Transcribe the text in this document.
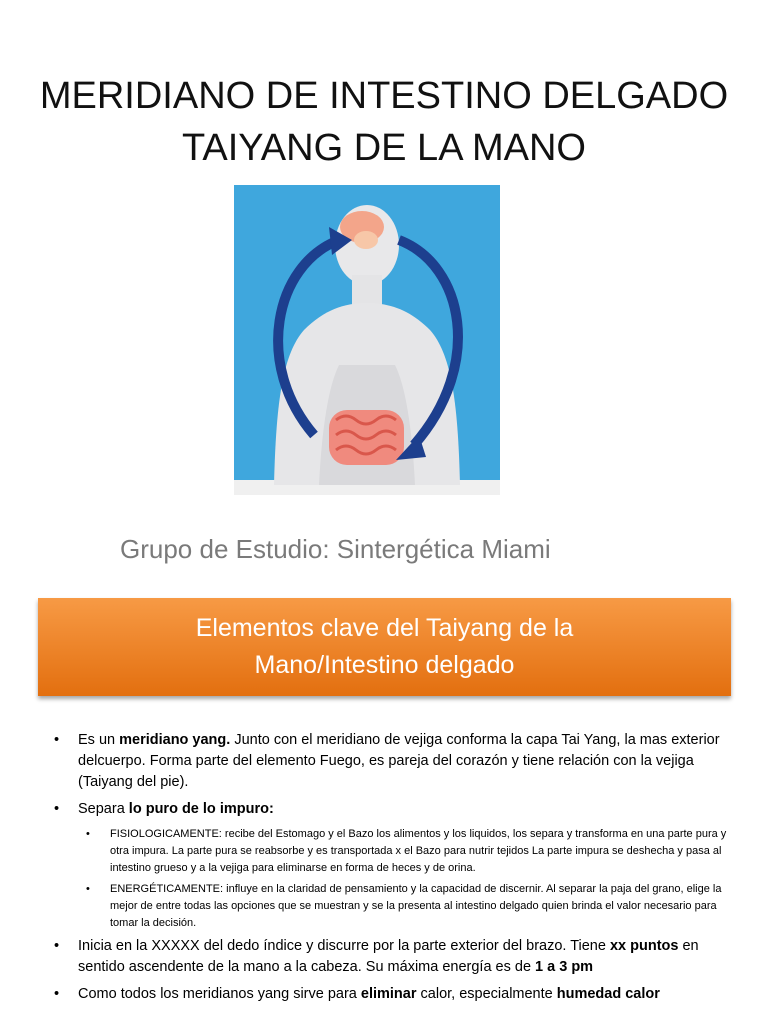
MERIDIANO DE INTESTINO DELGADO
TAIYANG DE LA MANO
Grupo de Estudio: Sintergética Miami
Elementos clave del Taiyang de la
Mano/Intestino delgado
• Es un meridiano yang. Junto con el meridiano de vejiga conforma la capa Tai Yang, la mas exterior delcuerpo. Forma parte del elemento Fuego, es pareja del corazón y tiene relación con la vejiga (Taiyang del pie).
• Separa lo puro de lo impuro:
• FISIOLOGICAMENTE: recibe del Estomago y el Bazo los alimentos y los liquidos, los separa y transforma en una parte pura y otra impura. La parte pura se reabsorbe y es transportada x el Bazo para nutrir tejidos La parte impura se deshecha y pasa al intestino grueso y a la vejiga para eliminarse en forma de heces y de orina.
• ENERGÉTICAMENTE: influye en la claridad de pensamiento y la capacidad de discernir. Al separar la paja del grano, elige la mejor de entre todas las opciones que se muestran y se la presenta al intestino delgado quien brinda el valor necesario para tomar la decisión.
• Inicia en la XXXXX del dedo índice y discurre por la parte exterior del brazo. Tiene xx puntos en sentido ascendente de la mano a la cabeza. Su máxima energía es de 1 a 3 pm
• Como todos los meridianos yang sirve para eliminar calor, especialmente humedad calor
